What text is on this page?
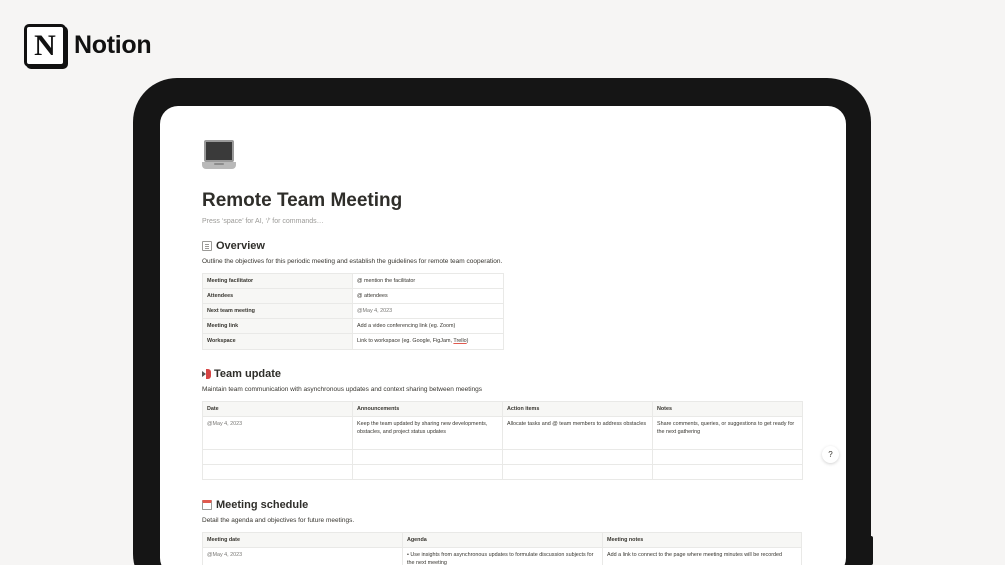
N Notion
Remote Team Meeting
Press ‘space’ for AI, ‘/’ for commands…
Overview
Outline the objectives for this periodic meeting and establish the guidelines for remote team cooperation.
Meeting facilitator	@ mention the facilitator
Attendees	@ attendees
Next team meeting	@May 4, 2023
Meeting link	Add a video conferencing link (eg. Zoom)
Workspace	Link to workspace (eg. Google, FigJam, Trello)
Team update
Maintain team communication with asynchronous updates and context sharing between meetings
Date	Announcements	Action items	Notes
@May 4, 2023	Keep the team updated by sharing new developments, obstacles, and project status updates	Allocate tasks and @ team members to address obstacles	Share comments, queries, or suggestions to get ready for the next gathering

Meeting schedule
Detail the agenda and objectives for future meetings.
Meeting date	Agenda	Meeting notes
@May 4, 2023	• Use insights from asynchronous updates to formulate discussion subjects for the next meeting	Add a link to connect to the page where meeting minutes will be recorded
?
